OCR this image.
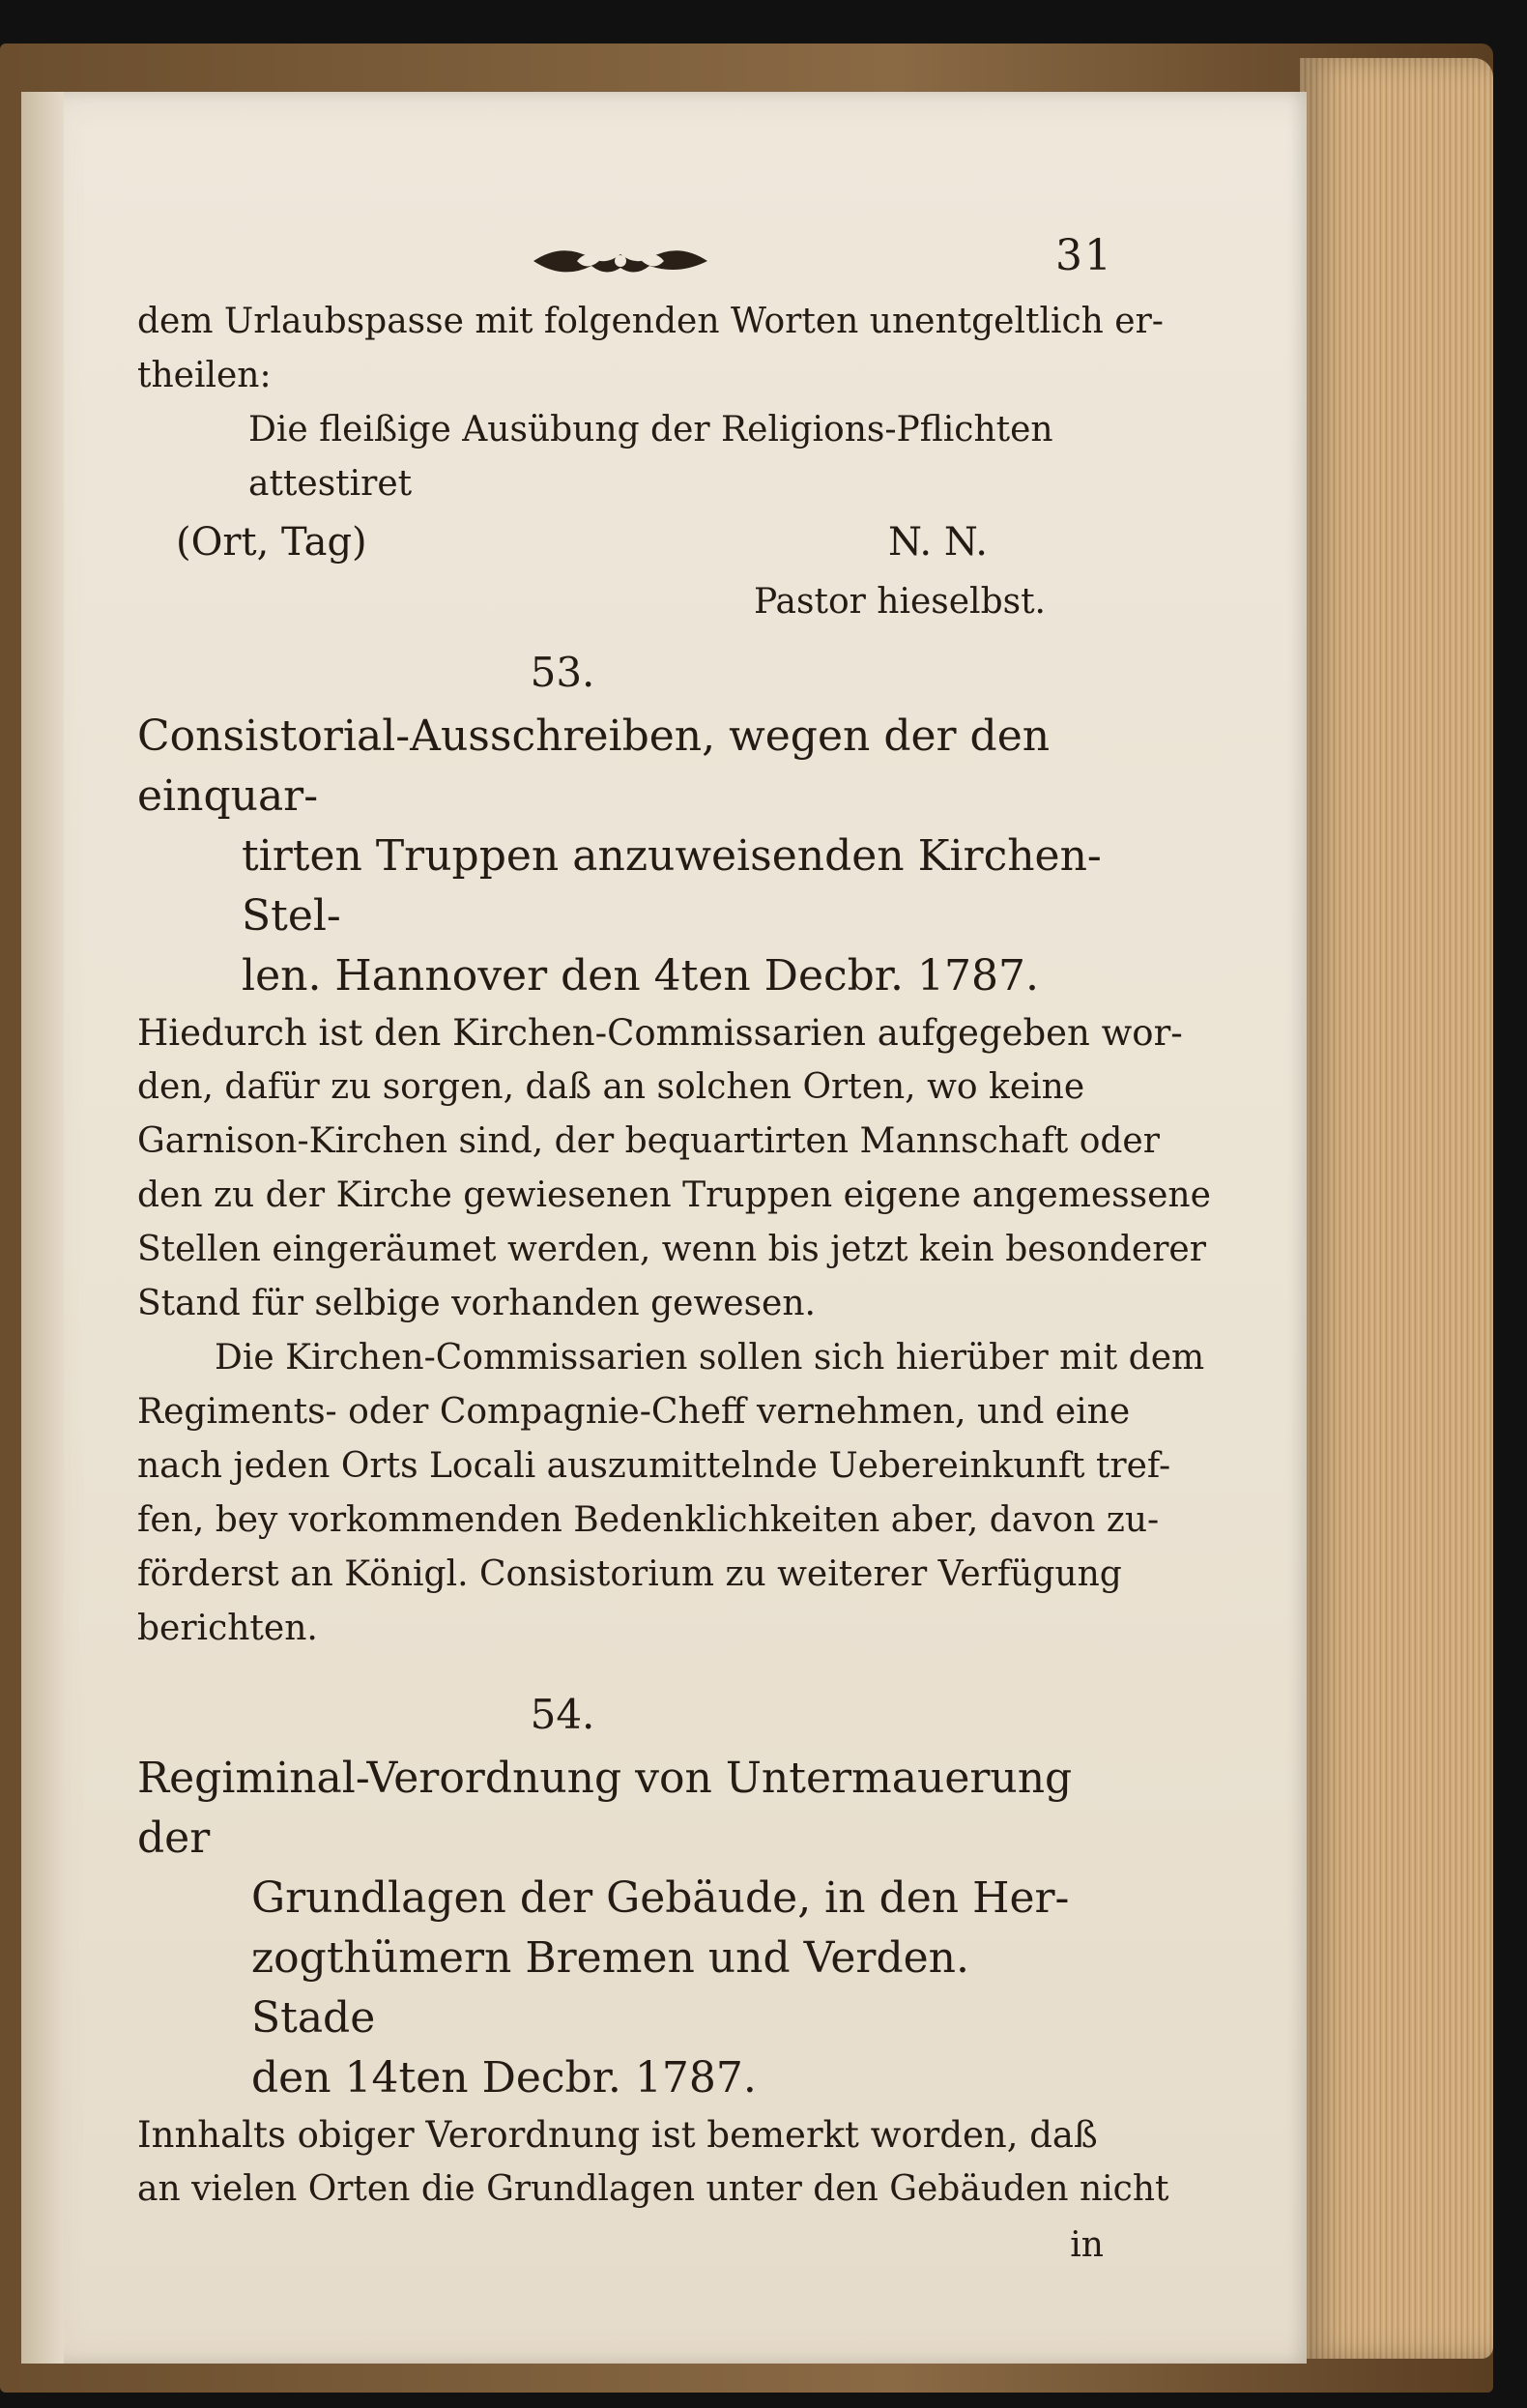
31
dem Urlaubspasse mit folgenden Worten unentgeltlich er-
theilen:
Die fleißige Ausübung der Religions-Pflichten
attestiret
(Ort, Tag)	N. N.
Pastor hieselbst.
53.
Consistorial-Ausschreiben, wegen der den einquar-
tirten Truppen anzuweisenden Kirchen-Stel-
len. Hannover den 4ten Decbr. 1787.
Hiedurch ist den Kirchen-Commissarien aufgegeben wor-
den, dafür zu sorgen, daß an solchen Orten, wo keine
Garnison-Kirchen sind, der bequartirten Mannschaft oder
den zu der Kirche gewiesenen Truppen eigene angemessene
Stellen eingeräumet werden, wenn bis jetzt kein besonderer
Stand für selbige vorhanden gewesen.
Die Kirchen-Commissarien sollen sich hierüber mit dem
Regiments- oder Compagnie-Cheff vernehmen, und eine
nach jeden Orts Locali auszumittelnde Uebereinkunft tref-
fen, bey vorkommenden Bedenklichkeiten aber, davon zu-
förderst an Königl. Consistorium zu weiterer Verfügung
berichten.
54.
Regiminal-Verordnung von Untermauerung der
Grundlagen der Gebäude, in den Her-
zogthümern Bremen und Verden. Stade
den 14ten Decbr. 1787.
Innhalts obiger Verordnung ist bemerkt worden, daß
an vielen Orten die Grundlagen unter den Gebäuden nicht
in
